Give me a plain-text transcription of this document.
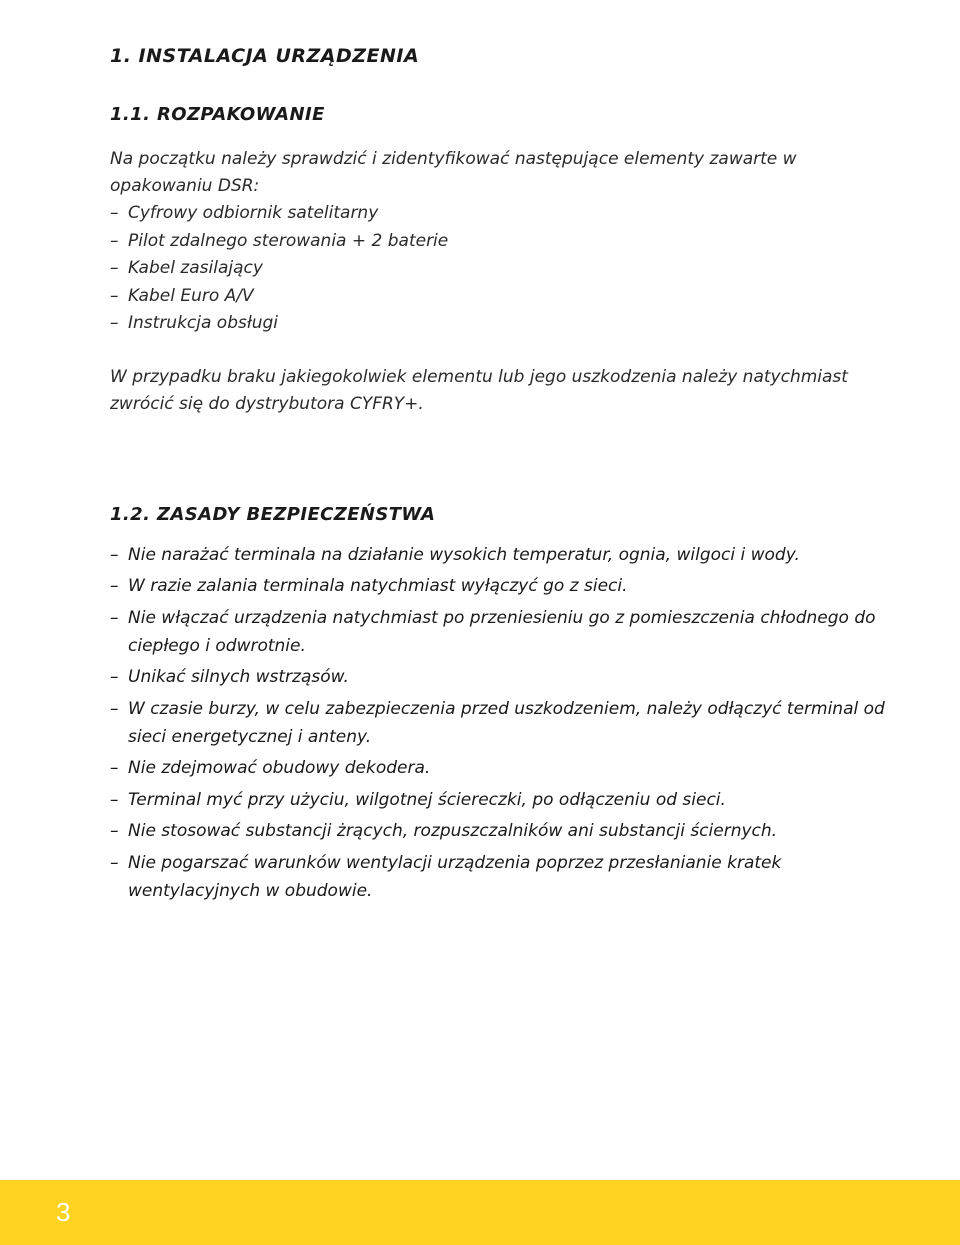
1. INSTALACJA URZĄDZENIA
1.1. ROZPAKOWANIE

Na początku należy sprawdzić i zidentyfikować następujące elementy zawarte w opakowaniu DSR:

– Cyfrowy odbiornik satelitarny
– Pilot zdalnego sterowania + 2 baterie
– Kabel zasilający
– Kabel Euro A/V
– Instrukcja obsługi

W przypadku braku jakiegokolwiek elementu lub jego uszkodzenia należy natychmiast zwrócić się do dystrybutora CYFRY+.

1.2. ZASADY BEZPIECZEŃSTWA
– Nie narażać terminala na działanie wysokich temperatur, ognia, wilgoci i wody.
– W razie zalania terminala natychmiast wyłączyć go z sieci.
– Nie włączać urządzenia natychmiast po przeniesieniu go z pomieszczenia chłodnego do ciepłego i odwrotnie.
– Unikać silnych wstrząsów.
– W czasie burzy, w celu zabezpieczenia przed uszkodzeniem, należy odłączyć terminal od sieci energetycznej i anteny.
– Nie zdejmować obudowy dekodera.
– Terminal myć przy użyciu, wilgotnej ściereczki, po odłączeniu od sieci.
– Nie stosować substancji żrących, rozpuszczalników ani substancji ściernych.
– Nie pogarszać warunków wentylacji urządzenia poprzez przesłanianie kratek wentylacyjnych w obudowie.
3
